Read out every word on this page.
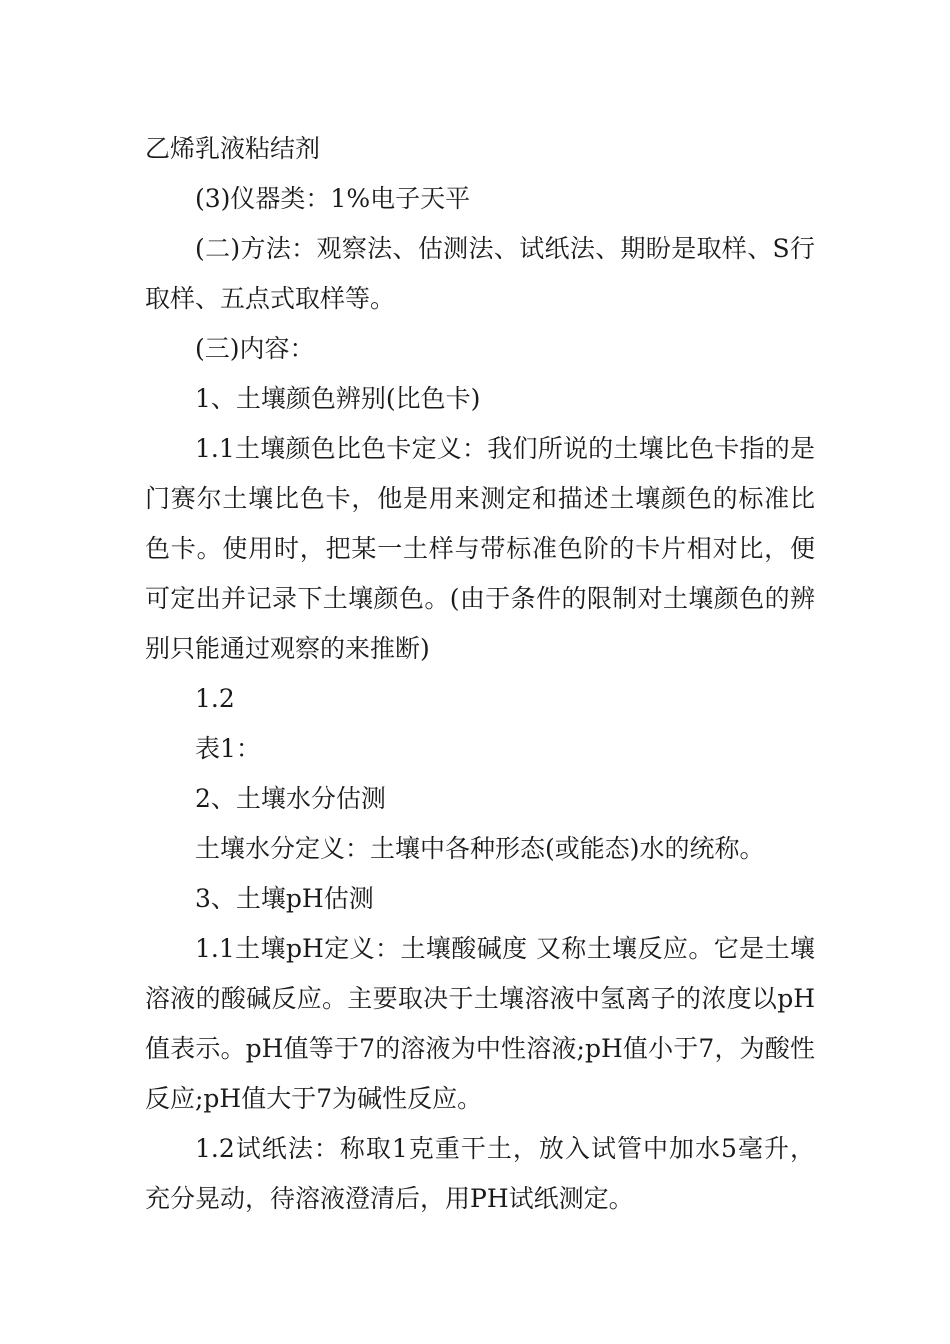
乙烯乳液粘结剂

(3)仪器类：1%电子天平

(二)方法：观察法、估测法、试纸法、期盼是取样、S行取样、五点式取样等。

(三)内容：

1、土壤颜色辨别(比色卡)

1.1土壤颜色比色卡定义：我们所说的土壤比色卡指的是门赛尔土壤比色卡，他是用来测定和描述土壤颜色的标准比色卡。使用时，把某一土样与带标准色阶的卡片相对比，便可定出并记录下土壤颜色。(由于条件的限制对土壤颜色的辨别只能通过观察的来推断)

1.2

表1：

2、土壤水分估测

土壤水分定义：土壤中各种形态(或能态)水的统称。

3、土壤pH估测

1.1土壤pH定义：土壤酸碱度 又称土壤反应。它是土壤溶液的酸碱反应。主要取决于土壤溶液中氢离子的浓度以pH值表示。pH值等于7的溶液为中性溶液;pH值小于7，为酸性反应;pH值大于7为碱性反应。

1.2试纸法：称取1克重干土，放入试管中加水5毫升，充分晃动，待溶液澄清后，用PH试纸测定。
